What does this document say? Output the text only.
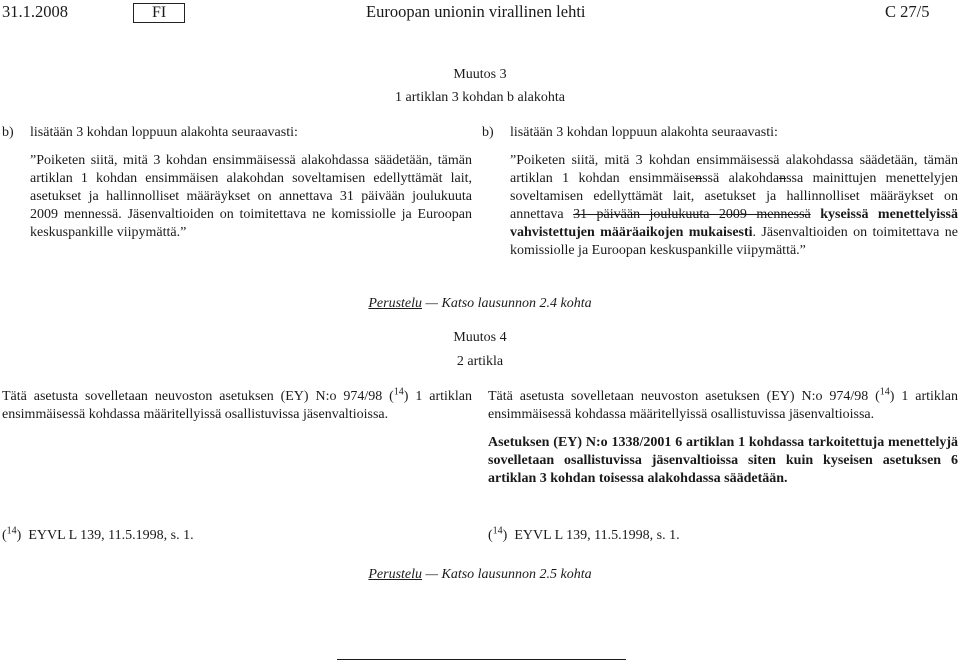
31.1.2008	FI	Euroopan unionin virallinen lehti	C 27/5
Muutos 3
1 artiklan 3 kohdan b alakohta

b) lisätään 3 kohdan loppuun alakohta seuraavasti:

”Poiketen siitä, mitä 3 kohdan ensimmäisessä alakohdassa säädetään, tämän artiklan 1 kohdan ensimmäisen alakohdan soveltamisen edellyttämät lait, asetukset ja hallinnolliset määräykset on annettava 31 päivään joulukuuta 2009 mennessä. Jäsenvaltioiden on toimitettava ne komissiolle ja Euroopan keskuspankille viipymättä.”

b) lisätään 3 kohdan loppuun alakohta seuraavasti:

”Poiketen siitä, mitä 3 kohdan ensimmäisessä alakohdassa säädetään, tämän artiklan 1 kohdan ensimmäisenssä alakohdanssa mainittujen menettelyjen soveltamisen edellyttämät lait, asetukset ja hallinnolliset määräykset on annettava 31 päivään joulukuuta 2009 mennessä kyseissä menettelyissä vahvistettujen määräaikojen mukaisesti. Jäsenvaltioiden on toimitettava ne komissiolle ja Euroopan keskuspankille viipymättä.”

Perustelu — Katso lausunnon 2.4 kohta
Muutos 4
2 artikla

Tätä asetusta sovelletaan neuvoston asetuksen (EY) N:o 974/98 ($^{14}$) 1 artiklan ensimmäisessä kohdassa määritellyissä osallistuvissa jäsenvaltioissa.

Tätä asetusta sovelletaan neuvoston asetuksen (EY) N:o 974/98 ($^{14}$) 1 artiklan ensimmäisessä kohdassa määritellyissä osallistuvissa jäsenvaltioissa.

Asetuksen (EY) N:o 1338/2001 6 artiklan 1 kohdassa tarkoitettuja menettelyjä sovelletaan osallistuvissa jäsenvaltioissa siten kuin kyseisen asetuksen 6 artiklan 3 kohdan toisessa alakohdassa säädetään.

($^{14}$)  EYVL L 139, 11.5.1998, s. 1.	($^{14}$)  EYVL L 139, 11.5.1998, s. 1.
Perustelu — Katso lausunnon 2.5 kohta
